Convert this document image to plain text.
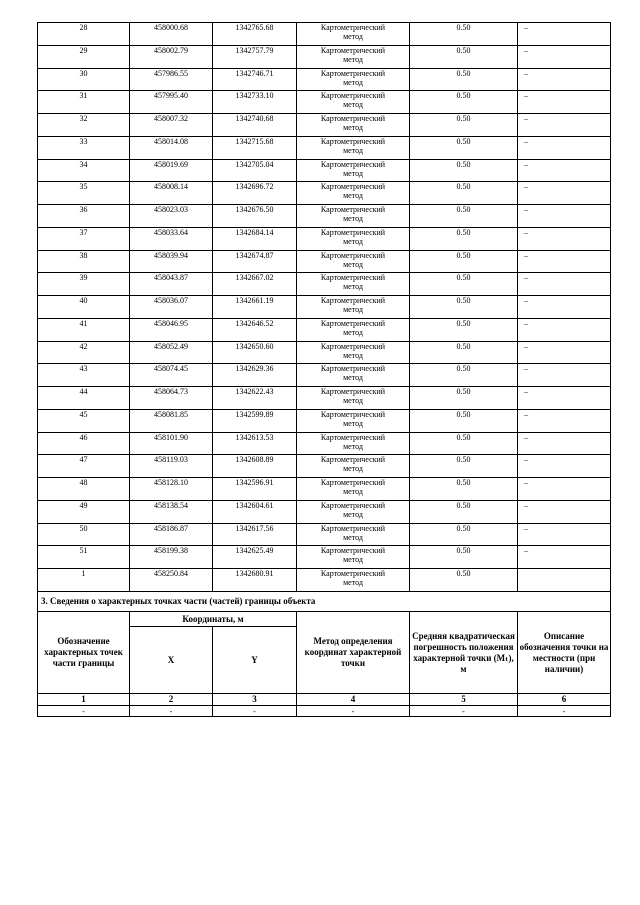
28	458000.68	1342765.68	Картометрический
метод	0.50	–
29	458002.79	1342757.79	Картометрический
метод	0.50	–
30	457986.55	1342746.71	Картометрический
метод	0.50	–
31	457995.40	1342733.10	Картометрический
метод	0.50	–
32	458007.32	1342740.68	Картометрический
метод	0.50	–
33	458014.08	1342715.68	Картометрический
метод	0.50	–
34	458019.69	1342705.04	Картометрический
метод	0.50	–
35	458008.14	1342696.72	Картометрический
метод	0.50	–
36	458023.03	1342676.50	Картометрический
метод	0.50	–
37	458033.64	1342684.14	Картометрический
метод	0.50	–
38	458039.94	1342674.87	Картометрический
метод	0.50	–
39	458043.87	1342667.02	Картометрический
метод	0.50	–
40	458036.07	1342661.19	Картометрический
метод	0.50	–
41	458046.95	1342646.52	Картометрический
метод	0.50	–
42	458052.49	1342650.60	Картометрический
метод	0.50	–
43	458074.45	1342629.36	Картометрический
метод	0.50	–
44	458064.73	1342622.43	Картометрический
метод	0.50	–
45	458081.85	1342599.89	Картометрический
метод	0.50	–
46	458101.90	1342613.53	Картометрический
метод	0.50	–
47	458119.03	1342608.89	Картометрический
метод	0.50	–
48	458128.10	1342596.91	Картометрический
метод	0.50	–
49	458138.54	1342604.61	Картометрический
метод	0.50	–
50	458186.87	1342617.56	Картометрический
метод	0.50	–
51	458199.38	1342625.49	Картометрический
метод	0.50	–
1	458250.84	1342680.91	Картометрический
метод	0.50	
3. Сведения о характерных точках части (частей) границы объекта					
Обозначение характерных точек части границы	Координаты, м		Метод определения координат характерной точки	Средняя квадратическая погрешность положения характерной точки (Мₜ), м	Описание обозначения точки на местности (при наличии)
	X	Y			
1	2	3	4	5	6
-	-	-	-	-	-
